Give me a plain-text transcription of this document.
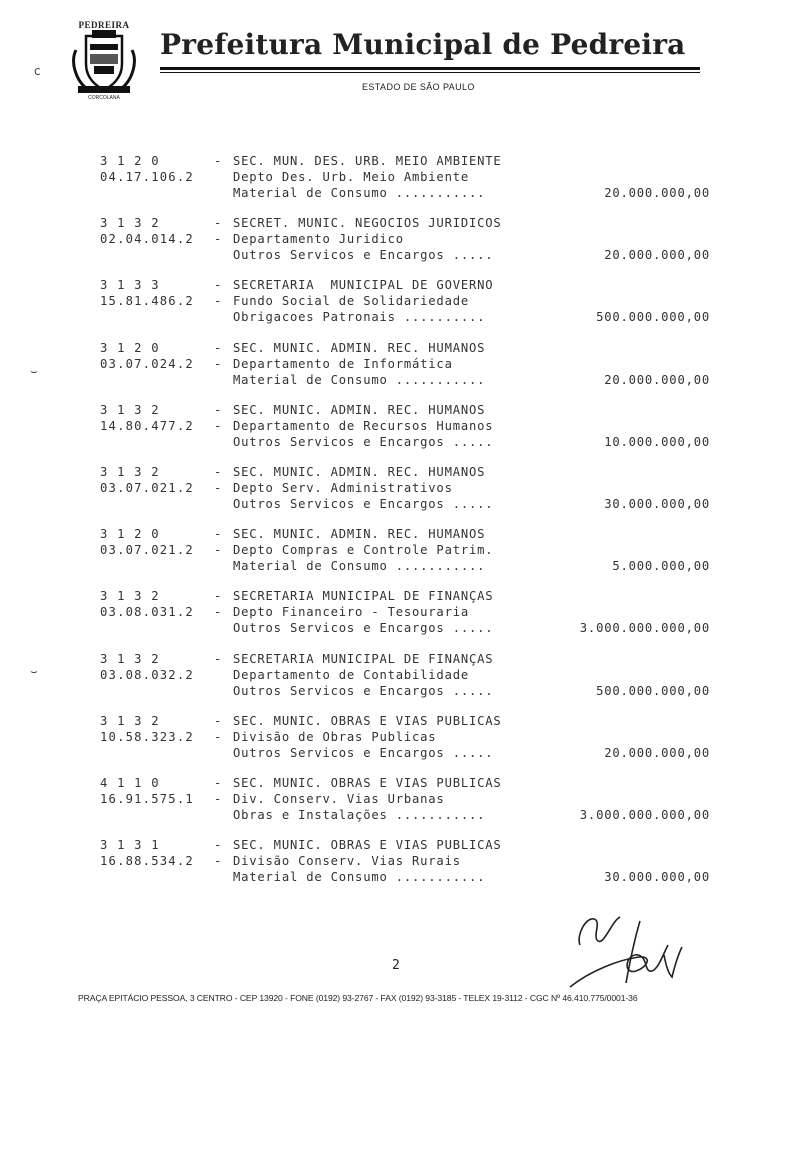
PEDREIRA
CORCOLANA
Prefeitura Municipal de Pedreira
ESTADO DE SÃO PAULO
c
⌣
⌣
3 1 2 0	- SEC. MUN. DES. URB. MEIO AMBIENTE
04.17.106.2	Depto Des. Urb. Meio Ambiente
Material de Consumo ...........	20.000.000,00
3 1 3 2	- SECRET. MUNIC. NEGOCIOS JURIDICOS
02.04.014.2	- Departamento Juridico
Outros Servicos e Encargos .....	20.000.000,00
3 1 3 3	- SECRETARIA  MUNICIPAL DE GOVERNO
15.81.486.2	- Fundo Social de Solidariedade
Obrigacoes Patronais ..........	500.000.000,00
3 1 2 0	- SEC. MUNIC. ADMIN. REC. HUMANOS
03.07.024.2	- Departamento de Informática
Material de Consumo ...........	20.000.000,00
3 1 3 2	- SEC. MUNIC. ADMIN. REC. HUMANOS
14.80.477.2	- Departamento de Recursos Humanos
Outros Servicos e Encargos .....	10.000.000,00
3 1 3 2	- SEC. MUNIC. ADMIN. REC. HUMANOS
03.07.021.2	- Depto Serv. Administrativos
Outros Servicos e Encargos .....	30.000.000,00
3 1 2 0	- SEC. MUNIC. ADMIN. REC. HUMANOS
03.07.021.2	- Depto Compras e Controle Patrim.
Material de Consumo ...........	5.000.000,00
3 1 3 2	- SECRETARIA MUNICIPAL DE FINANÇAS
03.08.031.2	- Depto Financeiro - Tesouraria
Outros Servicos e Encargos .....	3.000.000.000,00
3 1 3 2	- SECRETARIA MUNICIPAL DE FINANÇAS
03.08.032.2	Departamento de Contabilidade
Outros Servicos e Encargos .....	500.000.000,00
3 1 3 2	- SEC. MUNIC. OBRAS E VIAS PUBLICAS
10.58.323.2	- Divisão de Obras Publicas
Outros Servicos e Encargos .....	20.000.000,00
4 1 1 0	- SEC. MUNIC. OBRAS E VIAS PUBLICAS
16.91.575.1	- Div. Conserv. Vias Urbanas
Obras e Instalações ...........	3.000.000.000,00
3 1 3 1	- SEC. MUNIC. OBRAS E VIAS PUBLICAS
16.88.534.2	- Divisão Conserv. Vias Rurais
Material de Consumo ...........	30.000.000,00
2
PRAÇA EPITÁCIO PESSOA, 3 CENTRO - CEP 13920 - FONE (0192) 93-2767 - FAX (0192) 93-3185 - TELEX 19-3112 - CGC Nº 46.410.775/0001-36
